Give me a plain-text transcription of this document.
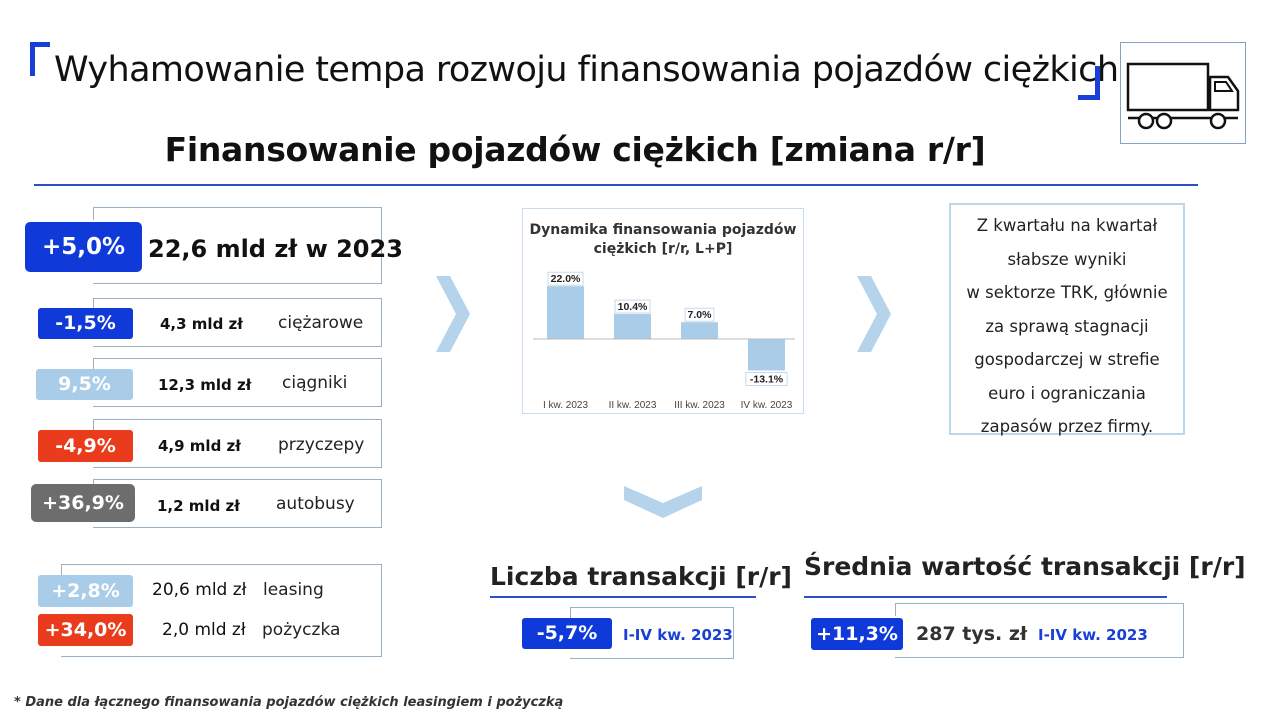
Wyhamowanie tempa rozwoju finansowania pojazdów ciężkich
Finansowanie pojazdów ciężkich [zmiana r/r]
+5,0% 22,6 mld zł w 2023
-1,5%	4,3 mld zł ciężarowe
9,5%	12,3 mld zł ciągniki
-4,9%	4,9 mld zł przyczepy
+36,9%	1,2 mld zł autobusy
+2,8%	20,6 mld zł leasing
+34,0%	2,0 mld zł pożyczka
Dynamika finansowania pojazdów ciężkich [r/r, L+P]
22.0%
I kw. 2023
10.4%
II kw. 2023
7.0%
III kw. 2023
-13.1%
IV kw. 2023
Z kwartału na kwartał
słabsze wyniki
w sektorze TRK, głównie
za sprawą stagnacji
gospodarczej w strefie
euro i ograniczania
zapasów przez firmy.
Liczba transakcji [r/r]
-5,7%	I-IV kw. 2023
Średnia wartość transakcji [r/r]
+11,3% 287 tys. zł I-IV kw. 2023
* Dane dla łącznego finansowania pojazdów ciężkich leasingiem i pożyczką
